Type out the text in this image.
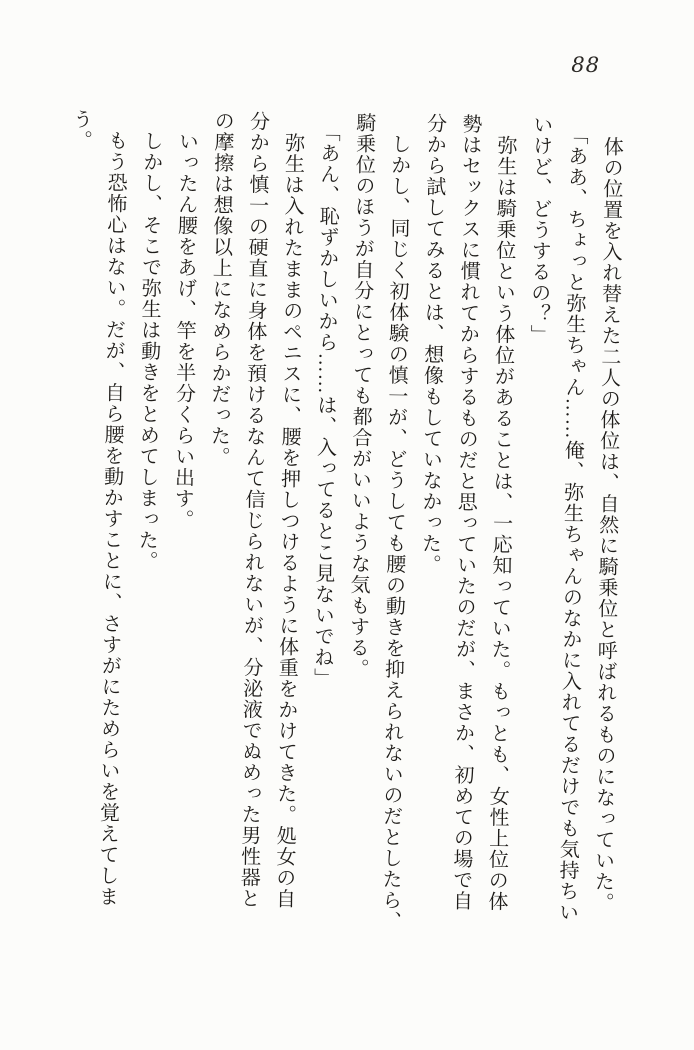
88

体の位置を入れ替えた二人の体位は、自然に騎乗位と呼ばれるものになっていた。

「ああ、ちょっと弥生ちゃん……俺、弥生ちゃんのなかに入れてるだけでも気持ちい

いけど、どうするの？」

弥生は騎乗位という体位があることは、一応知っていた。もっとも、女性上位の体

勢はセックスに慣れてからするものだと思っていたのだが、まさか、初めての場で自

分から試してみるとは、想像もしていなかった。

しかし、同じく初体験の慎一が、どうしても腰の動きを抑えられないのだとしたら、

騎乗位のほうが自分にとっても都合がいいような気もする。

「あん、恥ずかしいから……は、入ってるとこ見ないでね」

弥生は入れたままのペニスに、腰を押しつけるように体重をかけてきた。処女の自

分から慎一の硬直に身体を預けるなんて信じられないが、分泌液でぬめった男性器と

の摩擦は想像以上になめらかだった。

いったん腰をあげ、竿を半分くらい出す。

しかし、そこで弥生は動きをとめてしまった。

もう恐怖心はない。だが、自ら腰を動かすことに、さすがにためらいを覚えてしま

う。
